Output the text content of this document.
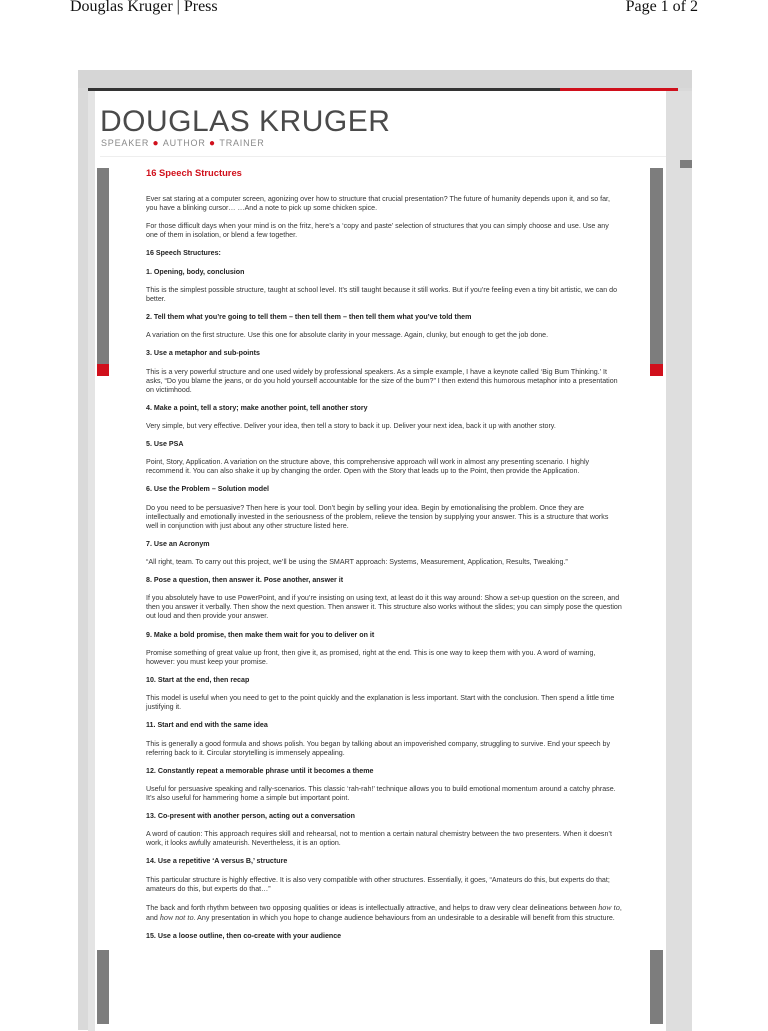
Douglas Kruger | Press	Page 1 of 2
DOUGLAS KRUGER
SPEAKER ● AUTHOR ● TRAINER
16 Speech Structures

Ever sat staring at a computer screen, agonizing over how to structure that crucial presentation? The future of humanity depends upon it, and so far, you have a blinking cursor… …And a note to pick up some chicken spice.

For those difficult days when your mind is on the fritz, here’s a ‘copy and paste’ selection of structures that you can simply choose and use. Use any one of them in isolation, or blend a few together.

16 Speech Structures:
1. Opening, body, conclusion

This is the simplest possible structure, taught at school level. It’s still taught because it still works. But if you’re feeling even a tiny bit artistic, we can do better.

2. Tell them what you’re going to tell them – then tell them – then tell them what you’ve told them

A variation on the first structure. Use this one for absolute clarity in your message. Again, clunky, but enough to get the job done.

3. Use a metaphor and sub-points

This is a very powerful structure and one used widely by professional speakers. As a simple example, I have a keynote called ‘Big Bum Thinking.’ It asks, “Do you blame the jeans, or do you hold yourself accountable for the size of the bum?” I then extend this humorous metaphor into a presentation on victimhood.

4. Make a point, tell a story; make another point, tell another story

Very simple, but very effective. Deliver your idea, then tell a story to back it up. Deliver your next idea, back it up with another story.

5. Use PSA

Point, Story, Application. A variation on the structure above, this comprehensive approach will work in almost any presenting scenario. I highly recommend it. You can also shake it up by changing the order. Open with the Story that leads up to the Point, then provide the Application.

6. Use the Problem – Solution model

Do you need to be persuasive? Then here is your tool. Don’t begin by selling your idea. Begin by emotionalising the problem. Once they are intellectually and emotionally invested in the seriousness of the problem, relieve the tension by supplying your answer. This is a structure that works well in conjunction with just about any other structure listed here.

7. Use an Acronym

“All right, team. To carry out this project, we’ll be using the SMART approach: Systems, Measurement, Application, Results, Tweaking.”

8. Pose a question, then answer it. Pose another, answer it

If you absolutely have to use PowerPoint, and if you’re insisting on using text, at least do it this way around: Show a set-up question on the screen, and then you answer it verbally. Then show the next question. Then answer it. This structure also works without the slides; you can simply pose the question out loud and then provide your answer.

9. Make a bold promise, then make them wait for you to deliver on it

Promise something of great value up front, then give it, as promised, right at the end. This is one way to keep them with you. A word of warning, however: you must keep your promise.

10. Start at the end, then recap

This model is useful when you need to get to the point quickly and the explanation is less important. Start with the conclusion. Then spend a little time justifying it.

11. Start and end with the same idea

This is generally a good formula and shows polish. You began by talking about an impoverished company, struggling to survive. End your speech by referring back to it. Circular storytelling is immensely appealing.

12. Constantly repeat a memorable phrase until it becomes a theme

Useful for persuasive speaking and rally-scenarios. This classic ‘rah-rah!’ technique allows you to build emotional momentum around a catchy phrase. It’s also useful for hammering home a simple but important point.

13. Co-present with another person, acting out a conversation

A word of caution: This approach requires skill and rehearsal, not to mention a certain natural chemistry between the two presenters. When it doesn’t work, it looks awfully amateurish. Nevertheless, it is an option.

14. Use a repetitive ‘A versus B,’ structure

This particular structure is highly effective. It is also very compatible with other structures. Essentially, it goes, “Amateurs do this, but experts do that; amateurs do this, but experts do that…”

The back and forth rhythm between two opposing qualities or ideas is intellectually attractive, and helps to draw very clear delineations between how to, and how not to. Any presentation in which you hope to change audience behaviours from an undesirable to a desirable will benefit from this structure.

15. Use a loose outline, then co-create with your audience
